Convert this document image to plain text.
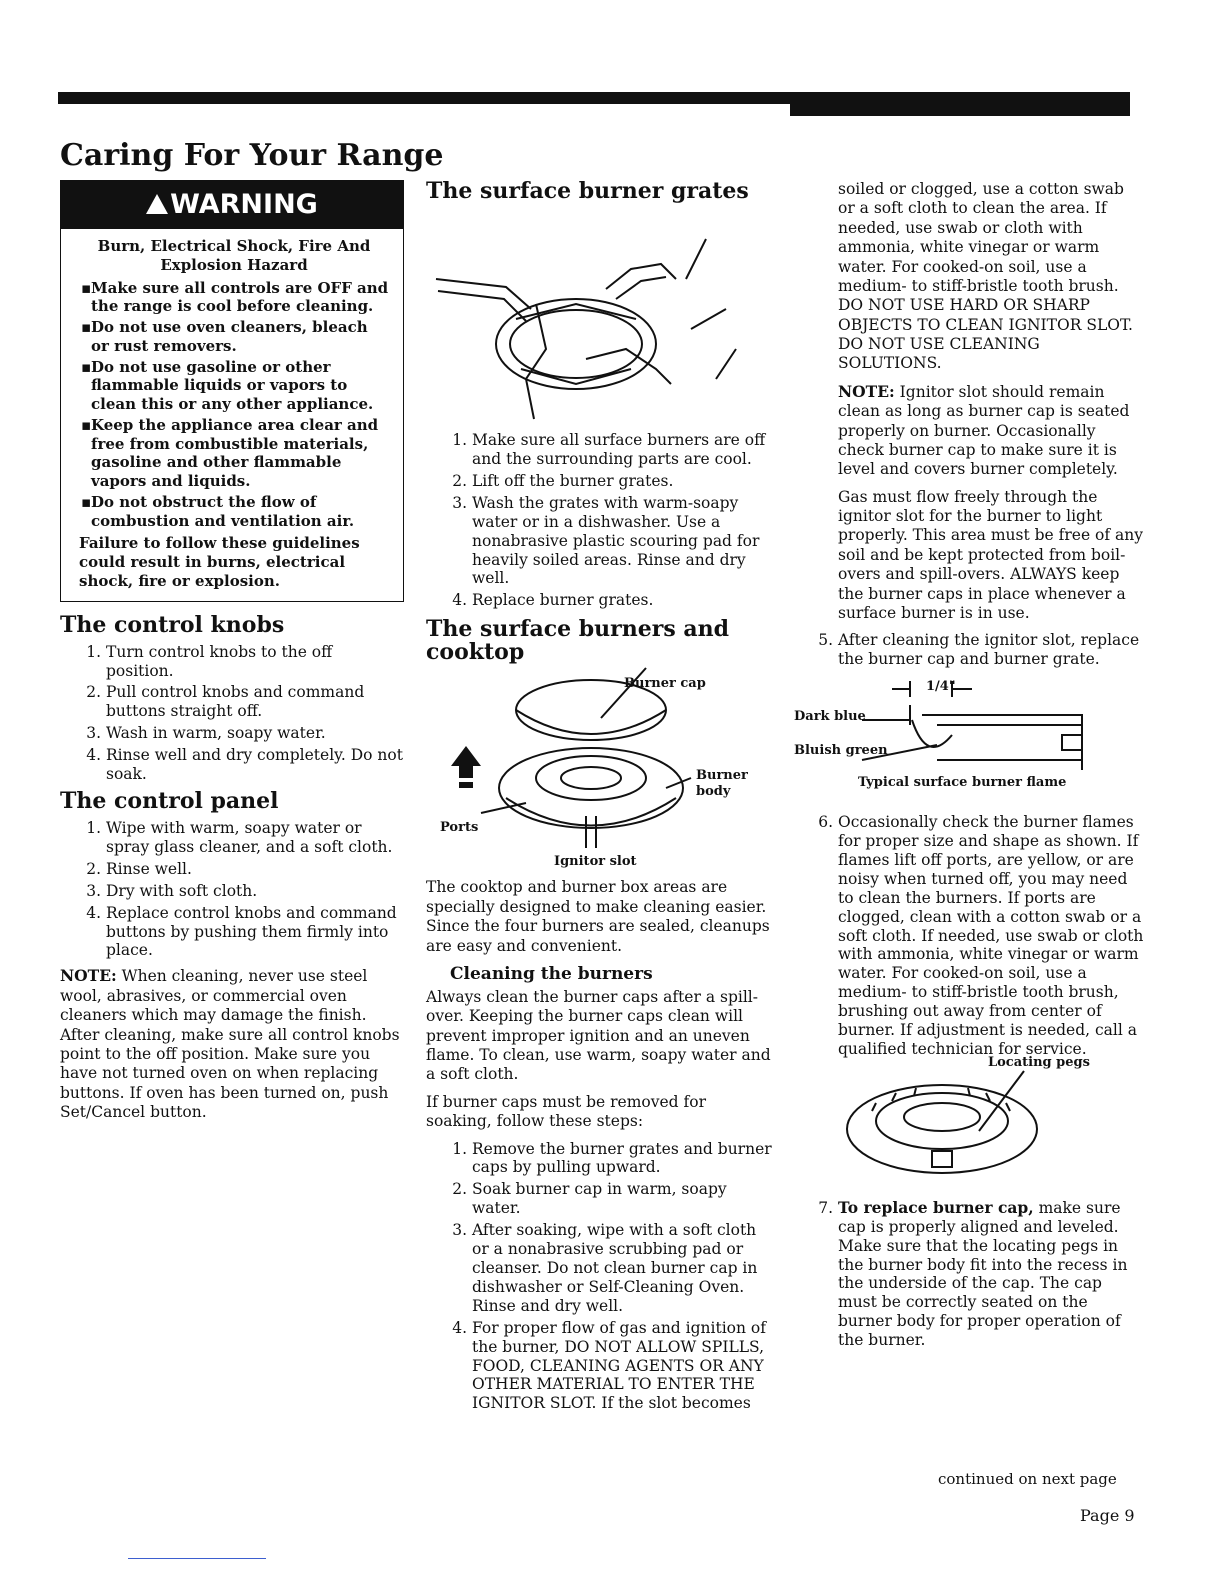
Caring For Your Range
WARNING
Burn, Electrical Shock, Fire And Explosion Hazard
▪ Make sure all controls are OFF and the range is cool before cleaning.
▪ Do not use oven cleaners, bleach or rust removers.
▪ Do not use gasoline or other flammable liquids or vapors to clean this or any other appliance.
▪ Keep the appliance area clear and free from combustible materials, gasoline and other flammable vapors and liquids.
▪ Do not obstruct the flow of combustion and ventilation air.
Failure to follow these guidelines could result in burns, electrical shock, fire or explosion.
The control knobs
1. Turn control knobs to the off position.
2. Pull control knobs and command buttons straight off.
3. Wash in warm, soapy water.
4. Rinse well and dry completely. Do not soak.
The control panel
1. Wipe with warm, soapy water or spray glass cleaner, and a soft cloth.
2. Rinse well.
3. Dry with soft cloth.
4. Replace control knobs and command buttons by pushing them firmly into place.

NOTE: When cleaning, never use steel wool, abrasives, or commercial oven cleaners which may damage the finish. After cleaning, make sure all control knobs point to the off position. Make sure you have not turned oven on when replacing buttons. If oven has been turned on, push Set/Cancel button.

The surface burner grates
1. Make sure all surface burners are off and the surrounding parts are cool.
2. Lift off the burner grates.
3. Wash the grates with warm-soapy water or in a dishwasher. Use a nonabrasive plastic scouring pad for heavily soiled areas. Rinse and dry well.
4. Replace burner grates.
The surface burners and
cooktop
Burner cap
Burner
body
Ports
Ignitor slot

The cooktop and burner box areas are specially designed to make cleaning easier. Since the four burners are sealed, cleanups are easy and convenient.

Cleaning the burners

Always clean the burner caps after a spill-over. Keeping the burner caps clean will prevent improper ignition and an uneven flame. To clean, use warm, soapy water and a soft cloth.

If burner caps must be removed for soaking, follow these steps:

1. Remove the burner grates and burner caps by pulling upward.
2. Soak burner cap in warm, soapy water.
3. After soaking, wipe with a soft cloth or a nonabrasive scrubbing pad or cleanser. Do not clean burner cap in dishwasher or Self-Cleaning Oven. Rinse and dry well.
4. For proper flow of gas and ignition of the burner, DO NOT ALLOW SPILLS, FOOD, CLEANING AGENTS OR ANY OTHER MATERIAL TO ENTER THE IGNITOR SLOT. If the slot becomes

soiled or clogged, use a cotton swab or a soft cloth to clean the area. If needed, use swab or cloth with ammonia, white vinegar or warm water. For cooked-on soil, use a medium- to stiff-bristle tooth brush. DO NOT USE HARD OR SHARP OBJECTS TO CLEAN IGNITOR SLOT. DO NOT USE CLEANING SOLUTIONS.

NOTE: Ignitor slot should remain clean as long as burner cap is seated properly on burner. Occasionally check burner cap to make sure it is level and covers burner completely.

Gas must flow freely through the ignitor slot for the burner to light properly. This area must be free of any soil and be kept protected from boil-overs and spill-overs. ALWAYS keep the burner caps in place whenever a surface burner is in use.

5. After cleaning the ignitor slot, replace the burner cap and burner grate.
1/4"
Dark blue
Bluish green
Typical surface burner flame
6. Occasionally check the burner flames for proper size and shape as shown. If flames lift off ports, are yellow, or are noisy when turned off, you may need to clean the burners. If ports are clogged, clean with a cotton swab or a soft cloth. If needed, use swab or cloth with ammonia, white vinegar or warm water. For cooked-on soil, use a medium- to stiff-bristle tooth brush, brushing out away from center of burner. If adjustment is needed, call a qualified technician for service.
Locating pegs
7. To replace burner cap, make sure cap is properly aligned and leveled. Make sure that the locating pegs in the burner body fit into the recess in the underside of the cap. The cap must be correctly seated on the burner body for proper operation of the burner.
continued on next page
Page 9
